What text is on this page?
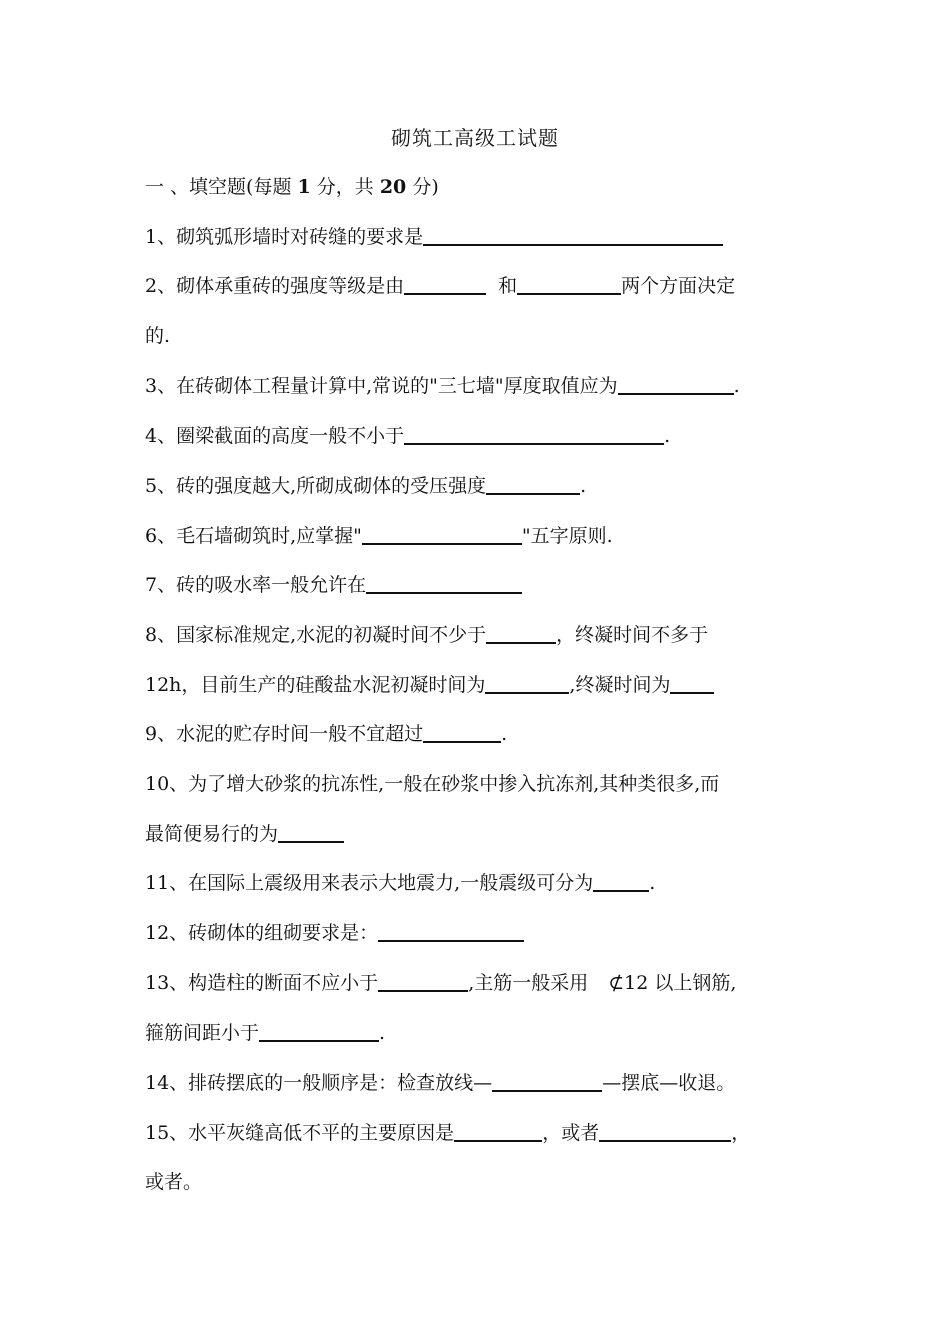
砌筑工高级工试题
一 、填空题(每题 1 分，共 20 分)
1、砌筑弧形墙时对砖缝的要求是
2、砌体承重砖的强度等级是由	和	两个方面决定
的.
3、在砖砌体工程量计算中,常说的"三七墙"厚度取值应为	.
4、圈梁截面的高度一般不小于	.
5、砖的强度越大,所砌成砌体的受压强度	.
6、毛石墙砌筑时,应掌握"	"五字原则.
7、砖的吸水率一般允许在
8、国家标准规定,水泥的初凝时间不少于	，终凝时间不多于
12h，目前生产的硅酸盐水泥初凝时间为	,终凝时间为
9、水泥的贮存时间一般不宜超过	.
10、为了增大砂浆的抗冻性,一般在砂浆中掺入抗冻剂,其种类很多,而
最简便易行的为
11、在国际上震级用来表示大地震力,一般震级可分为	.
12、砖砌体的组砌要求是：
13、构造柱的断面不应小于	,主筋一般采用 ⊄12 以上钢筋,
箍筋间距小于	.
14、排砖摆底的一般顺序是：检查放线—	—摆底—收退。
15、水平灰缝高低不平的主要原因是	，或者	，
或者。
